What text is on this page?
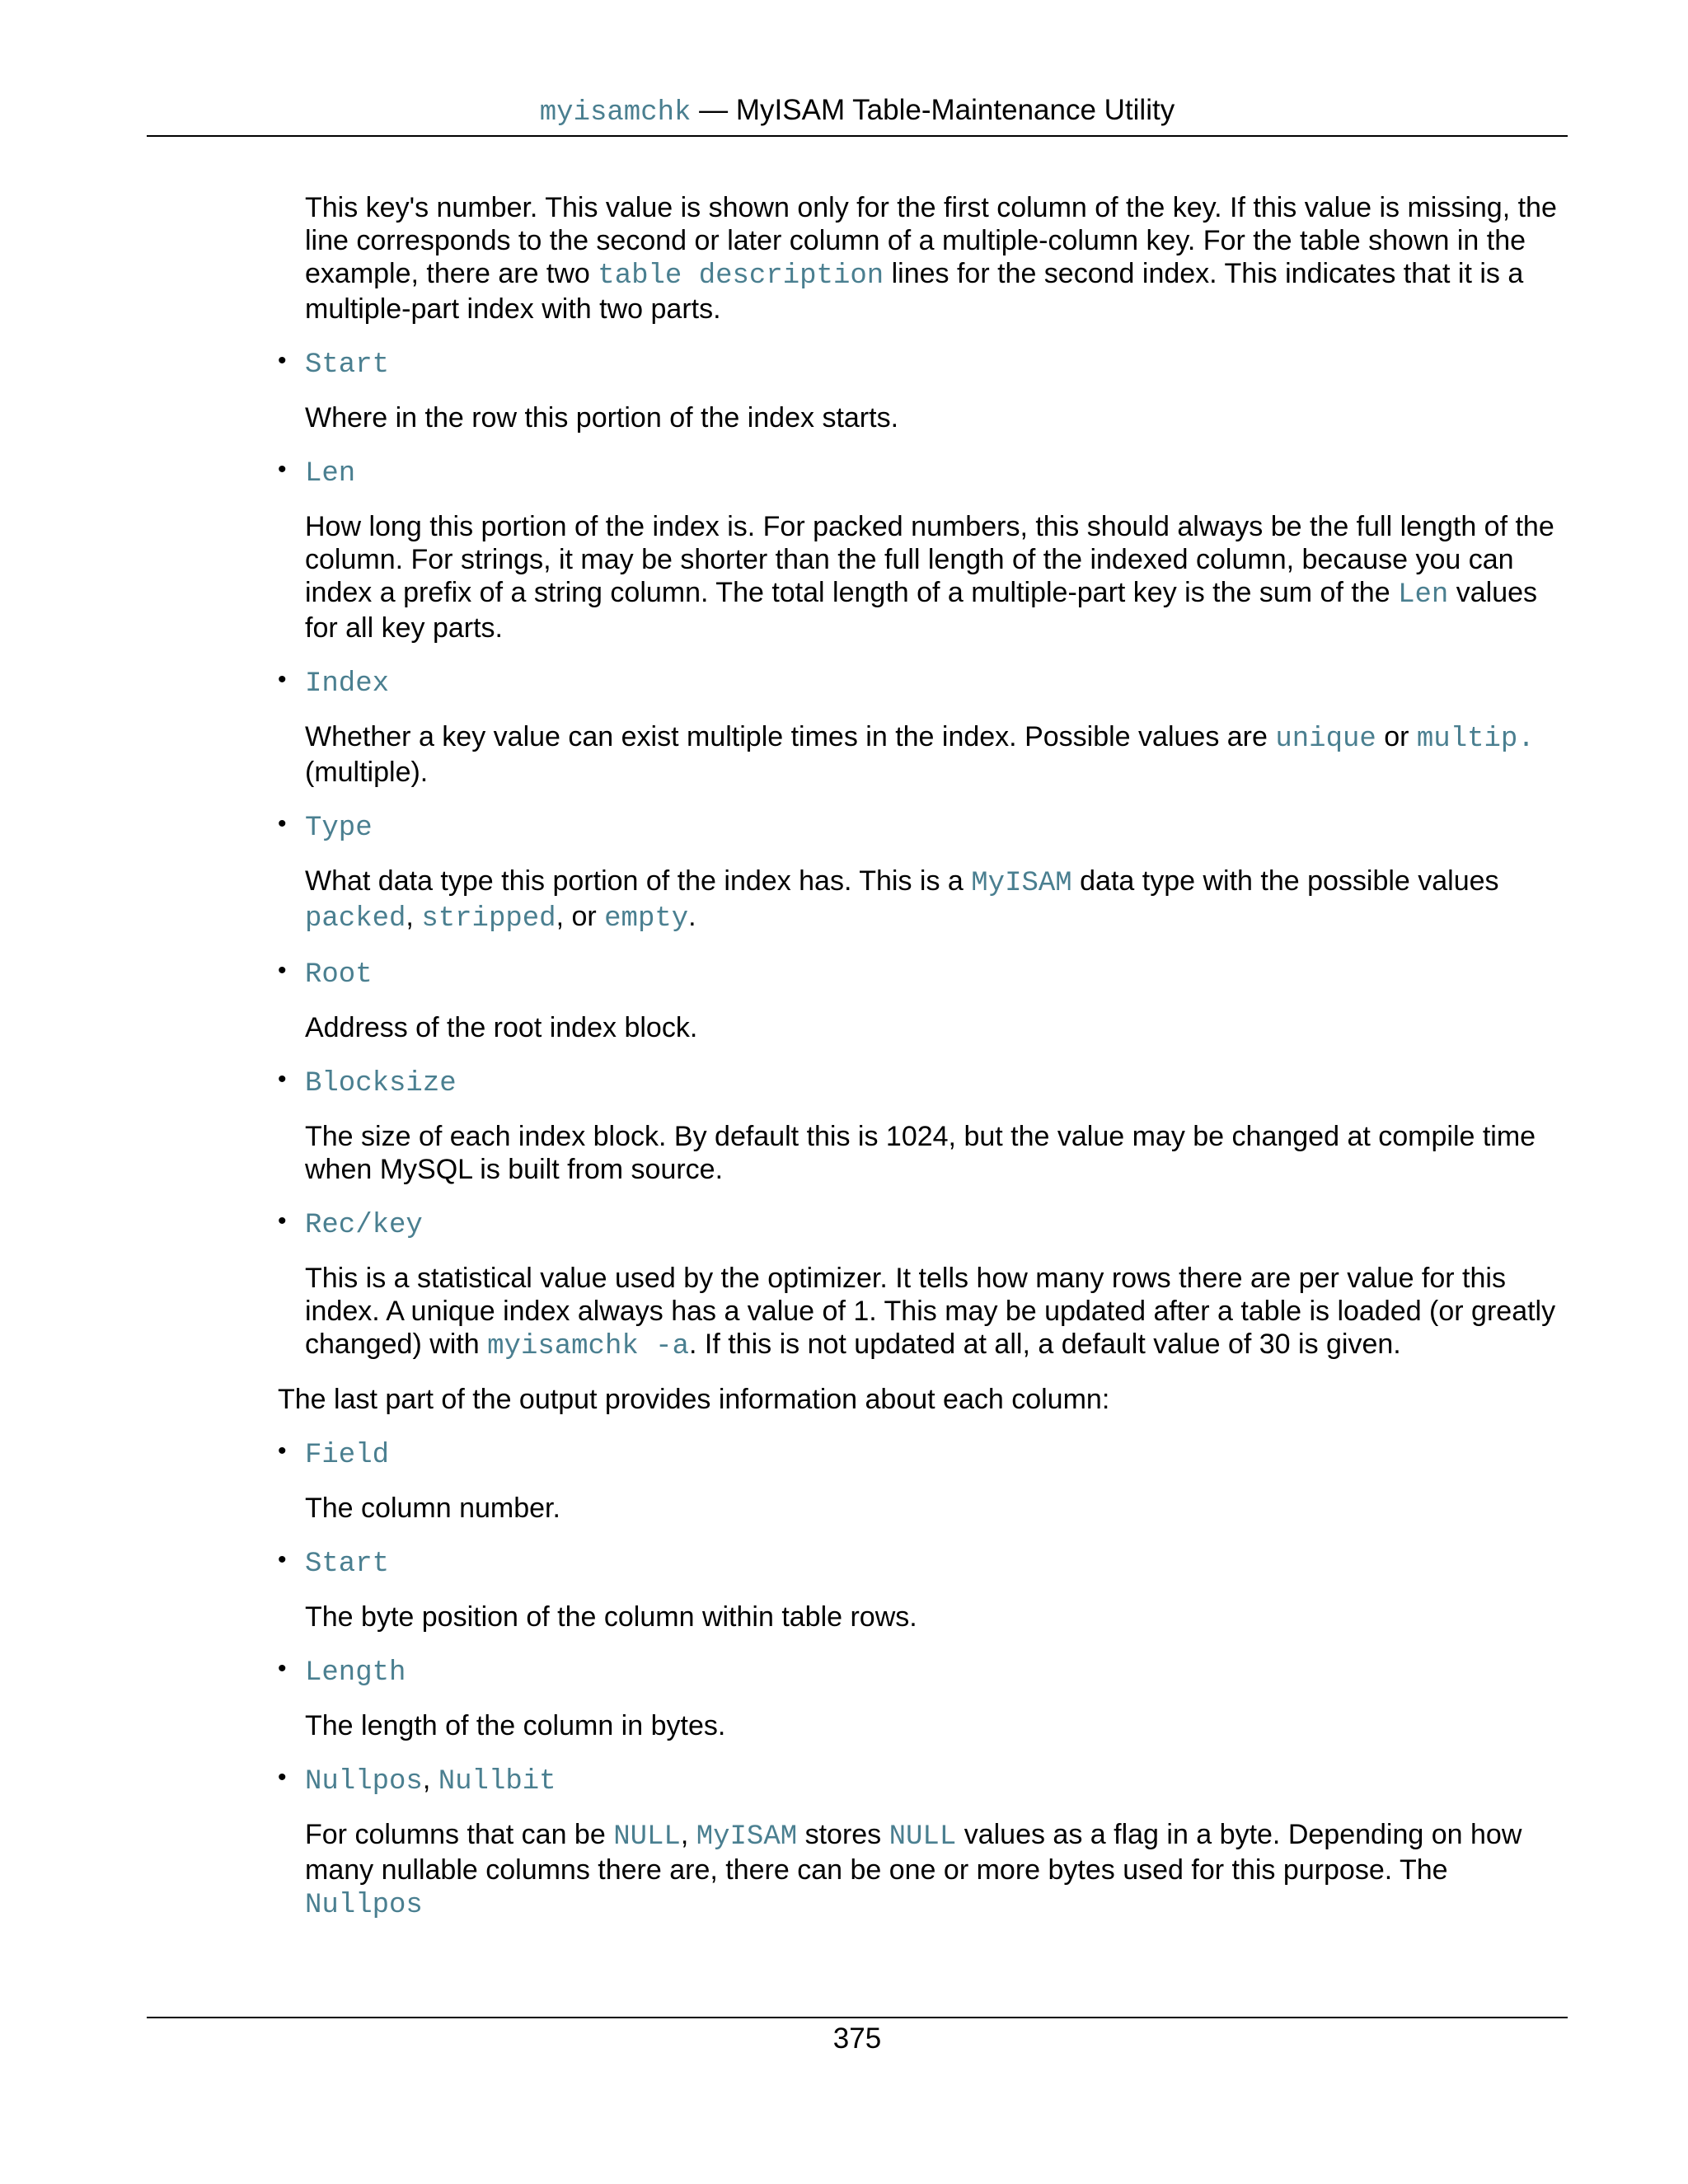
myisamchk — MyISAM Table-Maintenance Utility

This key's number. This value is shown only for the first column of the key. If this value is missing, the line corresponds to the second or later column of a multiple-column key. For the table shown in the example, there are two table description lines for the second index. This indicates that it is a multiple-part index with two parts.

• Start

Where in the row this portion of the index starts.

• Len

How long this portion of the index is. For packed numbers, this should always be the full length of the column. For strings, it may be shorter than the full length of the indexed column, because you can index a prefix of a string column. The total length of a multiple-part key is the sum of the Len values for all key parts.

• Index

Whether a key value can exist multiple times in the index. Possible values are unique or multip. (multiple).

• Type

What data type this portion of the index has. This is a MyISAM data type with the possible values packed, stripped, or empty.

• Root

Address of the root index block.

• Blocksize

The size of each index block. By default this is 1024, but the value may be changed at compile time when MySQL is built from source.

• Rec/key

This is a statistical value used by the optimizer. It tells how many rows there are per value for this index. A unique index always has a value of 1. This may be updated after a table is loaded (or greatly changed) with myisamchk -a. If this is not updated at all, a default value of 30 is given.

The last part of the output provides information about each column:

• Field

The column number.

• Start

The byte position of the column within table rows.

• Length

The length of the column in bytes.

• Nullpos, Nullbit

For columns that can be NULL, MyISAM stores NULL values as a flag in a byte. Depending on how many nullable columns there are, there can be one or more bytes used for this purpose. The Nullpos

375
